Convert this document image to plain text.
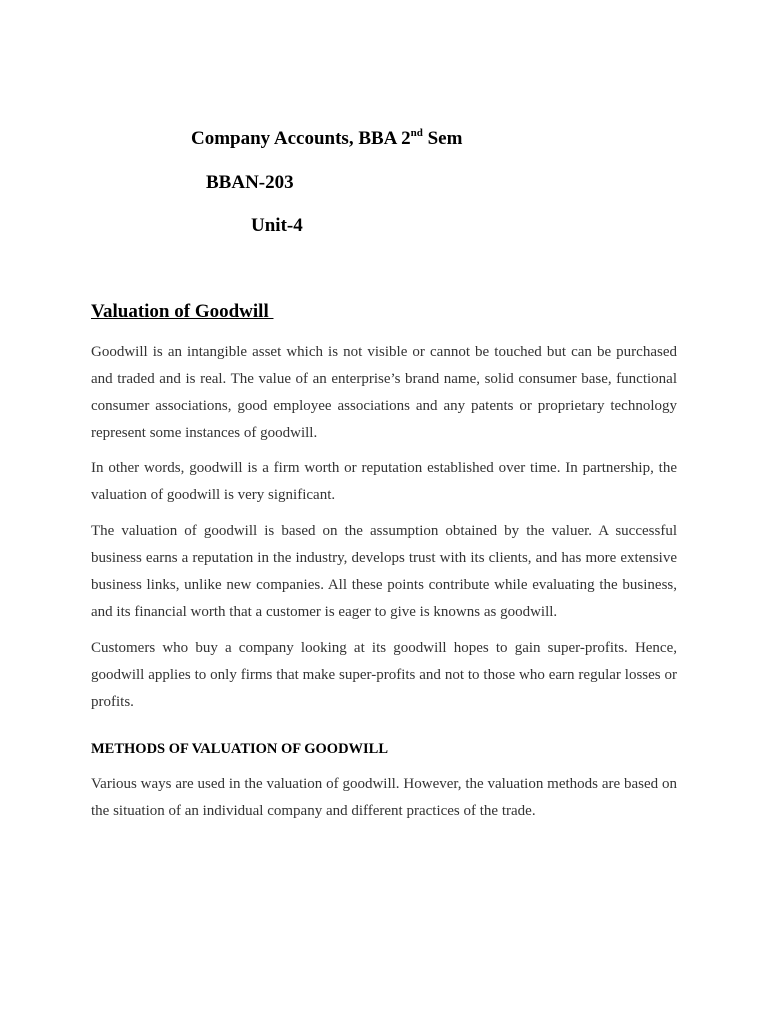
Company Accounts, BBA 2nd Sem
BBAN-203
Unit-4
Valuation of Goodwill

Goodwill is an intangible asset which is not visible or cannot be touched but can be purchased and traded and is real. The value of an enterprise’s brand name, solid consumer base, functional consumer associations, good employee associations and any patents or proprietary technology represent some instances of goodwill.

In other words, goodwill is a firm worth or reputation established over time. In partnership, the valuation of goodwill is very significant.

The valuation of goodwill is based on the assumption obtained by the valuer. A successful business earns a reputation in the industry, develops trust with its clients, and has more extensive business links, unlike new companies. All these points contribute while evaluating the business, and its financial worth that a customer is eager to give is knowns as goodwill.

Customers who buy a company looking at its goodwill hopes to gain super-profits. Hence, goodwill applies to only firms that make super-profits and not to those who earn regular losses or profits.

METHODS OF VALUATION OF GOODWILL

Various ways are used in the valuation of goodwill. However, the valuation methods are based on the situation of an individual company and different practices of the trade.
